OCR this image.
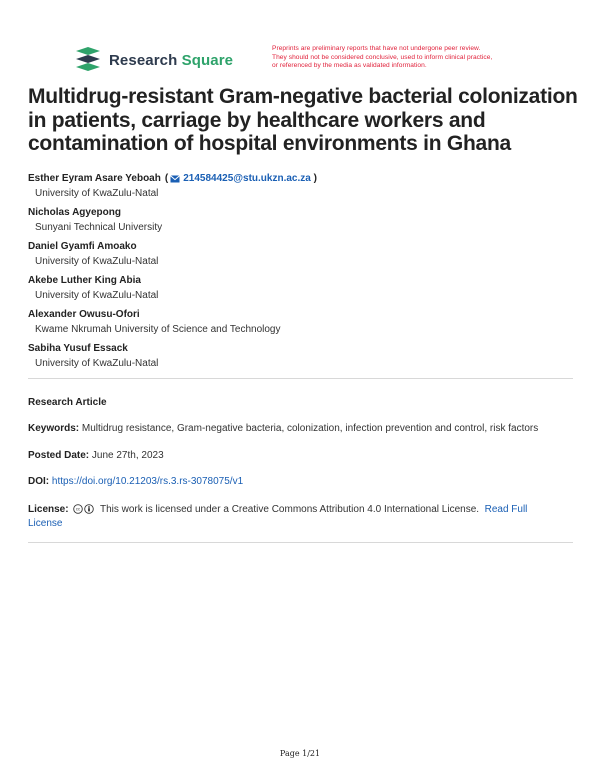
Research Square
Preprints are preliminary reports that have not undergone peer review.
They should not be considered conclusive, used to inform clinical practice,
or referenced by the media as validated information.
Multidrug-resistant Gram-negative bacterial colonization in patients, carriage by healthcare workers and contamination of hospital environments in Ghana
Esther Eyram Asare Yeboah ( 214584425@stu.ukzn.ac.za )
University of KwaZulu-Natal
Nicholas Agyepong
Sunyani Technical University
Daniel Gyamfi Amoako
University of KwaZulu-Natal
Akebe Luther King Abia
University of KwaZulu-Natal
Alexander Owusu-Ofori
Kwame Nkrumah University of Science and Technology
Sabiha Yusuf Essack
University of KwaZulu-Natal
Research Article
Keywords: Multidrug resistance, Gram-negative bacteria, colonization, infection prevention and control, risk factors
Posted Date: June 27th, 2023
DOI: https://doi.org/10.21203/rs.3.rs-3078075/v1
License: cc This work is licensed under a Creative Commons Attribution 4.0 International License. Read Full
License
Page 1/21
